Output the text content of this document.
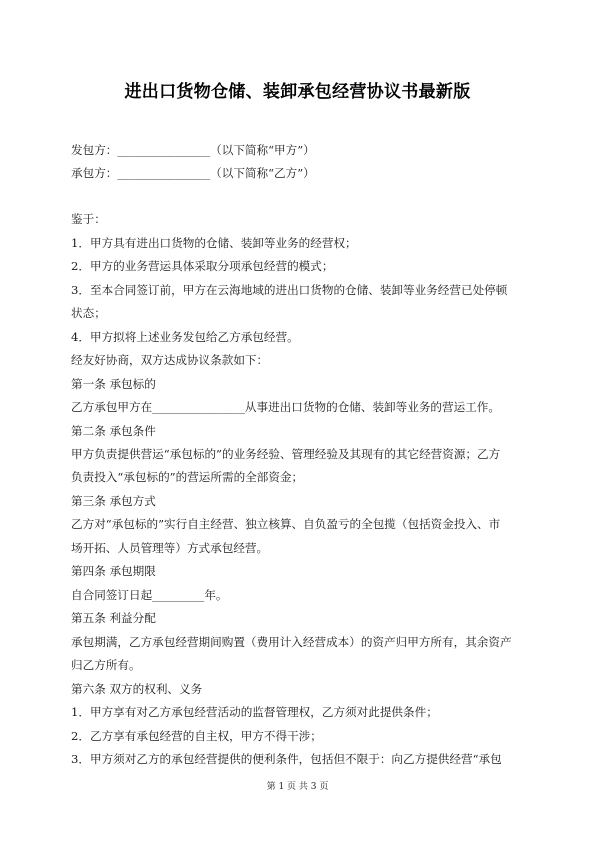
进出口货物仓储、装卸承包经营协议书最新版
发包方：________________（以下简称“甲方”）
承包方：________________（以下简称“乙方”）
鉴于：
1．甲方具有进出口货物的仓储、装卸等业务的经营权；
2．甲方的业务营运具体采取分项承包经营的模式；
3．至本合同签订前，甲方在云海地域的进出口货物的仓储、装卸等业务经营已处停顿
状态；
4．甲方拟将上述业务发包给乙方承包经营。
经友好协商，双方达成协议条款如下：
第一条 承包标的
乙方承包甲方在________________从事进出口货物的仓储、装卸等业务的营运工作。
第二条 承包条件
甲方负责提供营运“承包标的”的业务经验、管理经验及其现有的其它经营资源；乙方
负责投入“承包标的”的营运所需的全部资金；
第三条 承包方式
乙方对“承包标的”实行自主经营、独立核算、自负盈亏的全包揽（包括资金投入、市
场开拓、人员管理等）方式承包经营。
第四条 承包期限
自合同签订日起_________年。
第五条 利益分配
承包期满，乙方承包经营期间购置（费用计入经营成本）的资产归甲方所有，其余资产
归乙方所有。
第六条 双方的权利、义务
1．甲方享有对乙方承包经营活动的监督管理权，乙方须对此提供条件；
2．乙方享有承包经营的自主权，甲方不得干涉；
3．甲方须对乙方的承包经营提供的便利条件，包括但不限于：向乙方提供经营“承包
第 1 页 共 3 页
